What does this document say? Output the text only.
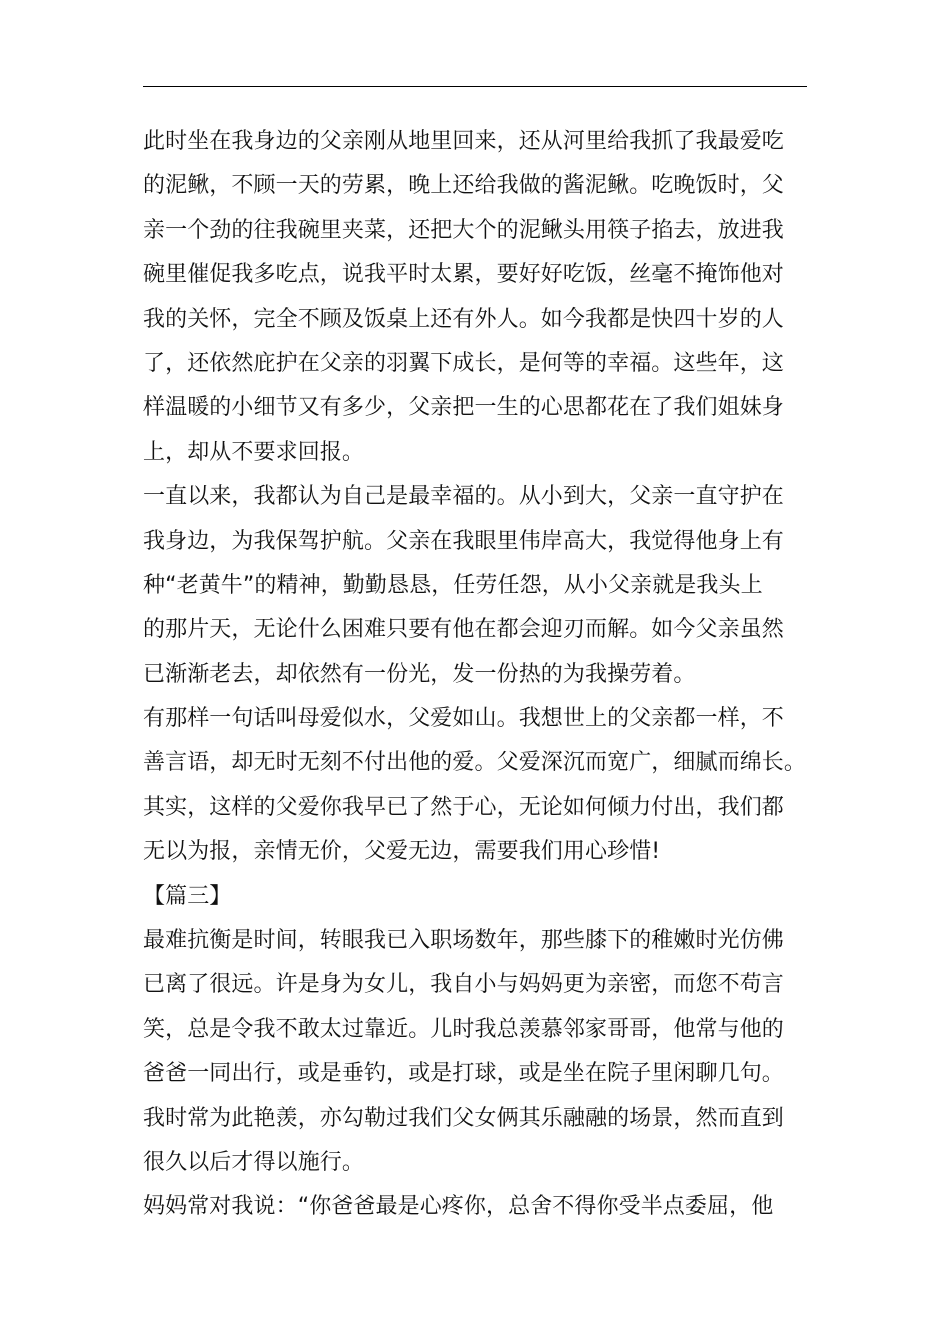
此时坐在我身边的父亲刚从地里回来，还从河里给我抓了我最爱吃
的泥鳅，不顾一天的劳累，晚上还给我做的酱泥鳅。吃晚饭时，父
亲一个劲的往我碗里夹菜，还把大个的泥鳅头用筷子掐去，放进我
碗里催促我多吃点，说我平时太累，要好好吃饭，丝毫不掩饰他对
我的关怀，完全不顾及饭桌上还有外人。如今我都是快四十岁的人
了，还依然庇护在父亲的羽翼下成长，是何等的幸福。这些年，这
样温暖的小细节又有多少，父亲把一生的心思都花在了我们姐妹身
上，却从不要求回报。
一直以来，我都认为自己是最幸福的。从小到大，父亲一直守护在
我身边，为我保驾护航。父亲在我眼里伟岸高大，我觉得他身上有
种“老黄牛”的精神，勤勤恳恳，任劳任怨，从小父亲就是我头上
的那片天，无论什么困难只要有他在都会迎刃而解。如今父亲虽然
已渐渐老去，却依然有一份光，发一份热的为我操劳着。
有那样一句话叫母爱似水，父爱如山。我想世上的父亲都一样，不
善言语，却无时无刻不付出他的爱。父爱深沉而宽广，细腻而绵长。
其实，这样的父爱你我早已了然于心，无论如何倾力付出，我们都
无以为报，亲情无价，父爱无边，需要我们用心珍惜!
【篇三】
最难抗衡是时间，转眼我已入职场数年，那些膝下的稚嫩时光仿佛
已离了很远。许是身为女儿，我自小与妈妈更为亲密，而您不苟言
笑，总是令我不敢太过靠近。儿时我总羡慕邻家哥哥，他常与他的
爸爸一同出行，或是垂钓，或是打球，或是坐在院子里闲聊几句。
我时常为此艳羡，亦勾勒过我们父女俩其乐融融的场景，然而直到
很久以后才得以施行。
妈妈常对我说：“你爸爸最是心疼你，总舍不得你受半点委屈，他
